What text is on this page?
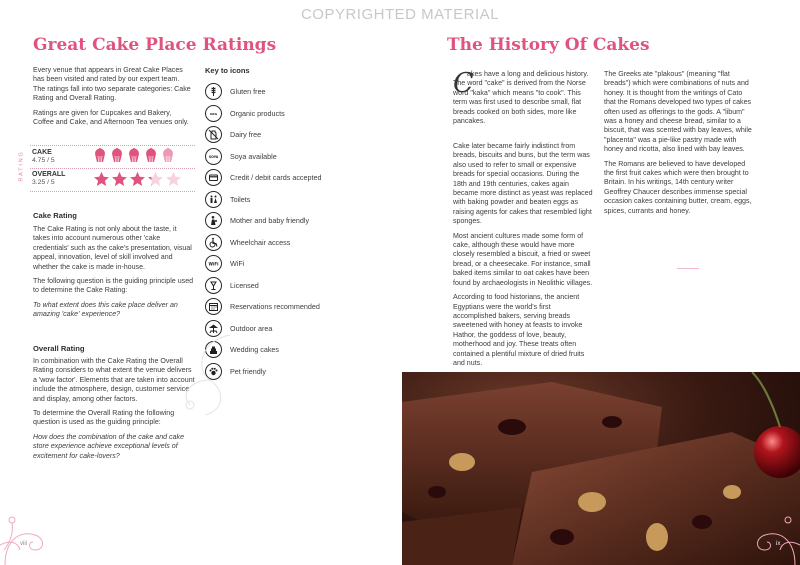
COPYRIGHTED MATERIAL
Great Cake Place Ratings

Every venue that appears in Great Cake Places has been visited and rated by our expert team. The ratings fall into two separate categories: Cake Rating and Overall Rating.

Ratings are given for Cupcakes and Bakery, Coffee and Cake, and Afternoon Tea venues only.

RATING CAKE
4.75 / 5
OVERALL
3.25 / 5
Cake Rating

The Cake Rating is not only about the taste, it takes into account numerous other 'cake credentials' such as the cake's presentation, visual appeal, innovation, level of skill involved and whether the cake is made in-house.

The following question is the guiding principle used to determine the Cake Rating:

To what extent does this cake place deliver an amazing 'cake' experience?

Overall Rating

In combination with the Cake Rating the Overall Rating considers to what extent the venue delivers a 'wow factor'. Elements that are taken into account include the atmosphere, design, customer service and display, among other factors.

To determine the Overall Rating the following question is used as the guiding principle:

How does the combination of the cake and cake store experience achieve exceptional levels of excitement for cake-lovers?

Key to icons
Gluten free
ORG Organic products
Dairy free
SOYA Soya available
Credit / debit cards accepted
Toilets
Mother and baby friendly
Wheelchair access
WiFi WiFi
Licensed
Reservations recommended
Outdoor area
Wedding cakes
Pet friendly
viii
The History Of Cakes
C

akes have a long and delicious history. The word "cake" is derived from the Norse word "kaka" which means "to cook". This term was first used to describe small, flat breads cooked on both sides, more like pancakes.

Cake later became fairly indistinct from breads, biscuits and buns, but the term was also used to refer to small or expensive breads for special occasions. During the 18th and 19th centuries, cakes again became more distinct as yeast was replaced with baking powder and beaten eggs as raising agents for cakes that resembled light sponges.

Most ancient cultures made some form of cake, although these would have more closely resembled a biscuit, a fried or sweet bread, or a cheesecake. For instance, small baked items similar to oat cakes have been found by archaeologists in Neolithic villages.

According to food historians, the ancient Egyptians were the world's first accomplished bakers, serving breads sweetened with honey at feasts to invoke Hathor, the goddess of love, beauty, motherhood and joy. These treats often contained a plentiful mixture of dried fruits and nuts.

The Greeks ate "plakous" (meaning "flat breads") which were combinations of nuts and honey. It is thought from the writings of Cato that the Romans developed two types of cakes often used as offerings to the gods. A "libum" was a honey and cheese bread, similar to a biscuit, that was scented with bay leaves, while "placenta" was a pie-like pastry made with honey and ricotta, also lined with bay leaves.

The Romans are believed to have developed the first fruit cakes which were then brought to Britain. In his writings, 14th century writer Geoffrey Chaucer describes immense special occasion cakes containing butter, cream, eggs, spices, currants and honey.

ix
